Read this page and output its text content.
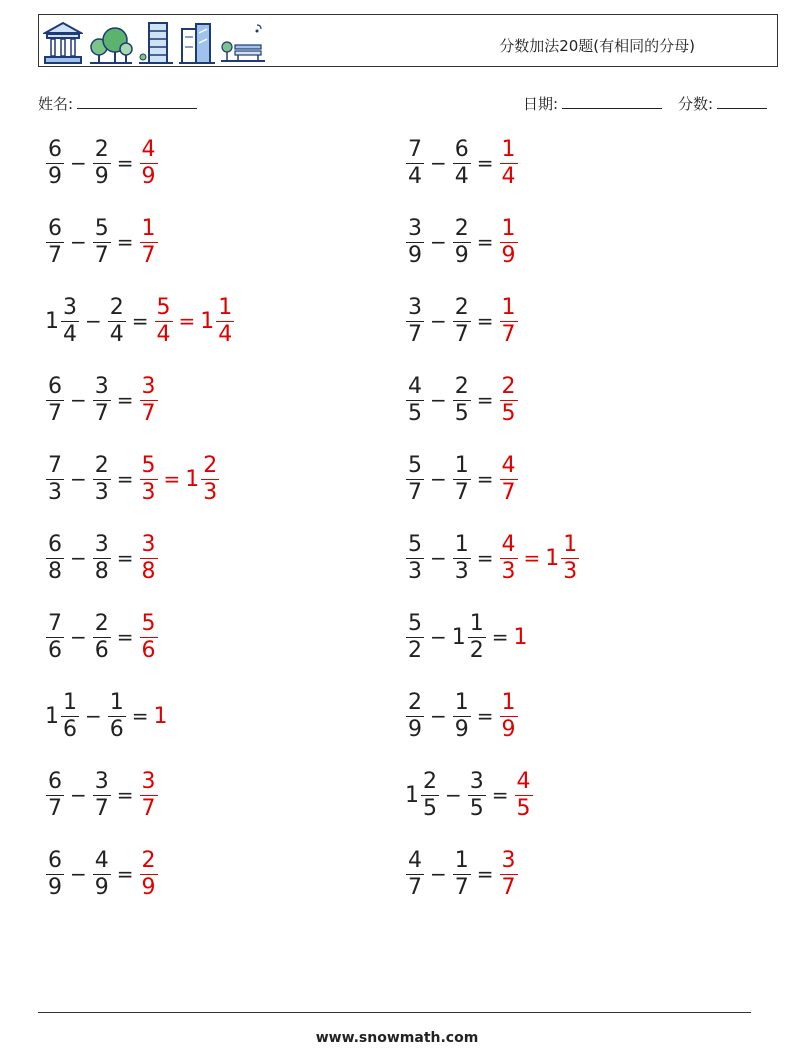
分数加法20题(有相同的分母)
姓名:	日期:	分数:
$\frac{6}{9} - \frac{2}{9} = \frac{4}{9}$	$\frac{7}{4} - \frac{6}{4} = \frac{1}{4}$
$\frac{6}{7} - \frac{5}{7} = \frac{1}{7}$	$\frac{3}{9} - \frac{2}{9} = \frac{1}{9}$
$1 \frac{3}{4} - \frac{2}{4} = \frac{5}{4} = 1 \frac{1}{4}$	$\frac{3}{7} - \frac{2}{7} = \frac{1}{7}$
$\frac{6}{7} - \frac{3}{7} = \frac{3}{7}$	$\frac{4}{5} - \frac{2}{5} = \frac{2}{5}$
$\frac{7}{3} - \frac{2}{3} = \frac{5}{3} = 1 \frac{2}{3}$	$\frac{5}{7} - \frac{1}{7} = \frac{4}{7}$
$\frac{6}{8} - \frac{3}{8} = \frac{3}{8}$	$\frac{5}{3} - \frac{1}{3} = \frac{4}{3} = 1 \frac{1}{3}$
$\frac{7}{6} - \frac{2}{6} = \frac{5}{6}$	$\frac{5}{2} - 1 \frac{1}{2} = 1$
$1 \frac{1}{6} - \frac{1}{6} = 1$	$\frac{2}{9} - \frac{1}{9} = \frac{1}{9}$
$\frac{6}{7} - \frac{3}{7} = \frac{3}{7}$	$1 \frac{2}{5} - \frac{3}{5} = \frac{4}{5}$
$\frac{6}{9} - \frac{4}{9} = \frac{2}{9}$	$\frac{4}{7} - \frac{1}{7} = \frac{3}{7}$
www.snowmath.com
